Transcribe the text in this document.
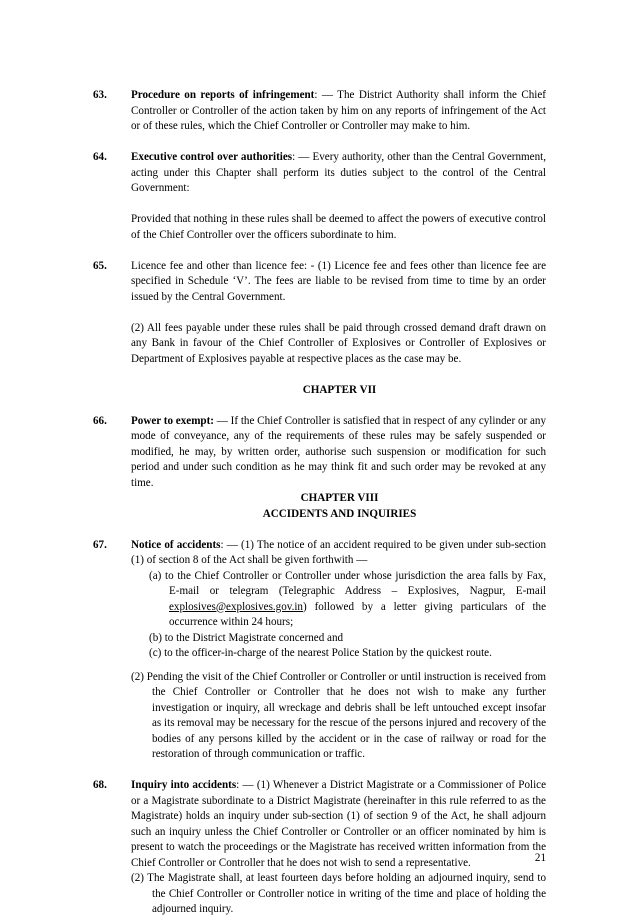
63. Procedure on reports of infringement: — The District Authority shall inform the Chief Controller or Controller of the action taken by him on any reports of infringement of the Act or of these rules, which the Chief Controller or Controller may make to him.

64. Executive control over authorities: — Every authority, other than the Central Government, acting under this Chapter shall perform its duties subject to the control of the Central Government:

Provided that nothing in these rules shall be deemed to affect the powers of executive control of the Chief Controller over the officers subordinate to him.

65. Licence fee and other than licence fee: - (1) Licence fee and fees other than licence fee are specified in Schedule ‘V’. The fees are liable to be revised from time to time by an order issued by the Central Government.

(2) All fees payable under these rules shall be paid through crossed demand draft drawn on any Bank in favour of the Chief Controller of Explosives or Controller of Explosives or Department of Explosives payable at respective places as the case may be.

CHAPTER VII
66. Power to exempt: — If the Chief Controller is satisfied that in respect of any cylinder or any mode of conveyance, any of the requirements of these rules may be safely suspended or modified, he may, by written order, authorise such suspension or modification for such period and under such condition as he may think fit and such order may be revoked at any time.

CHAPTER VIII
ACCIDENTS AND INQUIRIES
67. Notice of accidents: — (1) The notice of an accident required to be given under sub-section (1) of section 8 of the Act shall be given forthwith —

(a) to the Chief Controller or Controller under whose jurisdiction the area falls by Fax, E-mail or telegram (Telegraphic Address – Explosives, Nagpur, E-mail explosives@explosives.gov.in) followed by a letter giving particulars of the occurrence within 24 hours;

(b) to the District Magistrate concerned and

(c) to the officer-in-charge of the nearest Police Station by the quickest route.

(2) Pending the visit of the Chief Controller or Controller or until instruction is received from the Chief Controller or Controller that he does not wish to make any further investigation or inquiry, all wreckage and debris shall be left untouched except insofar as its removal may be necessary for the rescue of the persons injured and recovery of the bodies of any persons killed by the accident or in the case of railway or road for the restoration of through communication or traffic.

68. Inquiry into accidents: — (1) Whenever a District Magistrate or a Commissioner of Police or a Magistrate subordinate to a District Magistrate (hereinafter in this rule referred to as the Magistrate) holds an inquiry under sub-section (1) of section 9 of the Act, he shall adjourn such an inquiry unless the Chief Controller or Controller or an officer nominated by him is present to watch the proceedings or the Magistrate has received written information from the Chief Controller or Controller that he does not wish to send a representative.

(2) The Magistrate shall, at least fourteen days before holding an adjourned inquiry, send to the Chief Controller or Controller notice in writing of the time and place of holding the adjourned inquiry.

21
